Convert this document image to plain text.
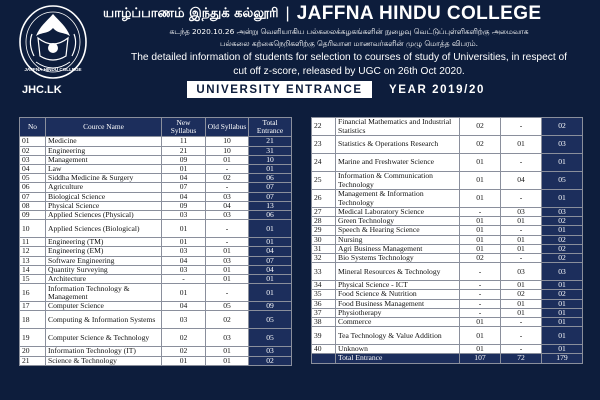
JAFFNA HINDU COLLEGE
JHC.LK
யாழ்ப்பாணம் இந்துக் கல்லூரி | JAFFNA HINDU COLLEGE
கடந்த 2020.10.26 அன்று வெளியாகிய பல்கலைக்கழகங்களின் நுழைவு வெட்டுப்புள்ளிகளிற்கு அமைவாக
பல்கலை கற்கைநெறிகளிற்கு தெரிவான மாணவர்களின் முழு மொத்த விபரம்.
The detailed information of students for selection to courses of study of Universities, in respect of
cut off z-score, released by UGC on 26th Oct 2020.
UNIVERSITY ENTRANCE	YEAR 2019/20
No	Cource Name	New Syllabus	Old Syllabus	Total Entrance
01	Medicine	11	10	21
02	Engineering	21	10	31
03	Management	09	01	10
04	Law	01	-	01
05	Siddha Medicine & Surgery	04	02	06
06	Agriculture	07	-	07
07	Biological Science	04	03	07
08	Physical Science	09	04	13
09	Applied Sciences (Physical)	03	03	06
10	Applied Sciences (Biological)	01	-	01
11	Engineering (TM)	01	-	01
12	Engineering (EM)	03	01	04
13	Software Engineering	04	03	07
14	Quantity Surveying	03	01	04
15	Architecture	-	01	01
16	Information Technology & Management	01	-	01
17	Computer Science	04	05	09
18	Computing & Information Systems	03	02	05
19	Computer Science & Technology	02	03	05
20	Information Technology (IT)	02	01	03
21	Science & Technology	01	01	02
22	Financial Mathematics and Industrial Statistics	02	-	02
23	Statistics & Operations Research	02	01	03
24	Marine and Freshwater Science	01	-	01
25	Information & Communication Technology	01	04	05
26	Management & Information Technology	01	-	01
27	Medical Laboratory Science	-	03	03
28	Green Technology	01	01	02
29	Speech & Hearing Science	01	-	01
30	Nursing	01	01	02
31	Agri Business Management	01	01	02
32	Bio Systems Technology	02	-	02
33	Mineral Resources & Technology	-	03	03
34	Physical Science - ICT	-	01	01
35	Food Science & Nutrition	-	02	02
36	Food Business Management	-	01	01
37	Physiotherapy	-	01	01
38	Commerce	01	-	01
39	Tea Technology & Value Addition	01	-	01
40	Unknown	01	-	01
	Total Entrance	107	72	179
